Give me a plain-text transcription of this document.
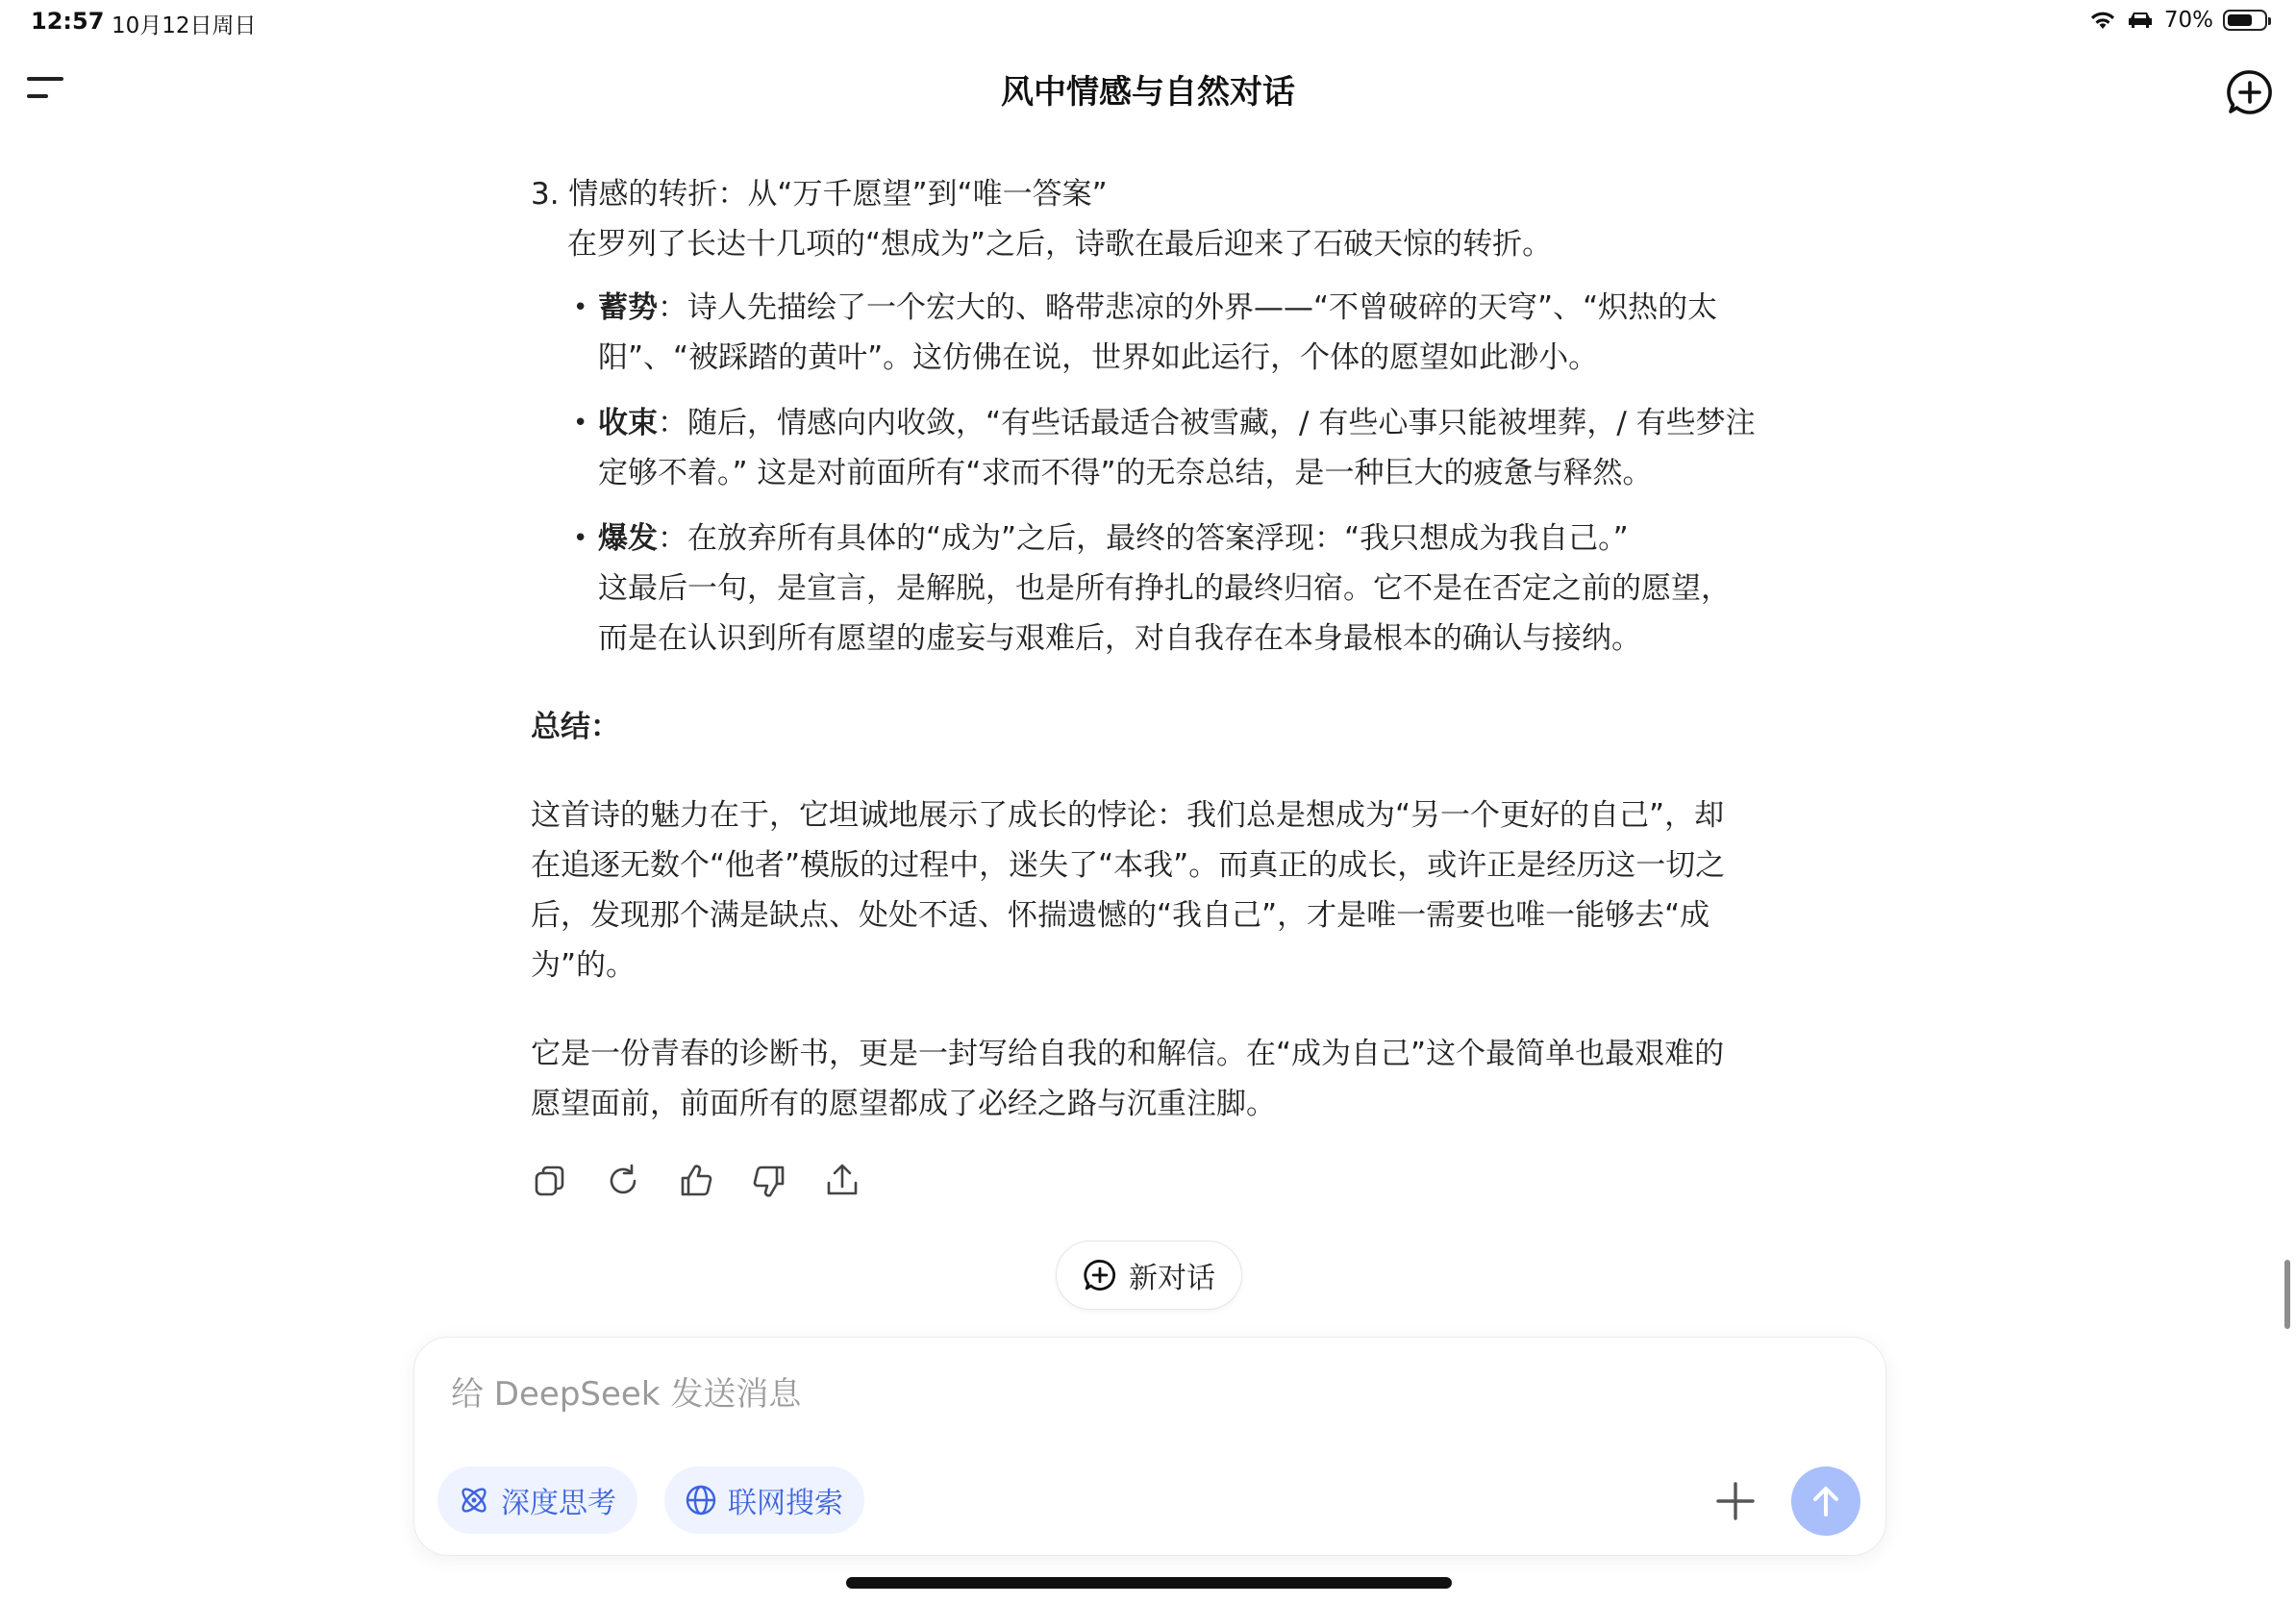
12:57 10月12日周日	70%
风中情感与自然对话
3. 情感的转折：从“万千愿望”到“唯一答案”
在罗列了长达十几项的“想成为”之后，诗歌在最后迎来了石破天惊的转折。
• 蓄势：诗人先描绘了一个宏大的、略带悲凉的外界——“不曾破碎的天穹”、“炽热的太
阳”、“被踩踏的黄叶”。这仿佛在说，世界如此运行，个体的愿望如此渺小。
• 收束：随后，情感向内收敛，“有些话最适合被雪藏，/ 有些心事只能被埋葬，/ 有些梦注
定够不着。” 这是对前面所有“求而不得”的无奈总结，是一种巨大的疲惫与释然。
• 爆发：在放弃所有具体的“成为”之后，最终的答案浮现：“我只想成为我自己。”
这最后一句，是宣言，是解脱，也是所有挣扎的最终归宿。它不是在否定之前的愿望，
而是在认识到所有愿望的虚妄与艰难后，对自我存在本身最根本的确认与接纳。
总结：
这首诗的魅力在于，它坦诚地展示了成长的悖论：我们总是想成为“另一个更好的自己”，却
在追逐无数个“他者”模版的过程中，迷失了“本我”。而真正的成长，或许正是经历这一切之
后，发现那个满是缺点、处处不适、怀揣遗憾的“我自己”，才是唯一需要也唯一能够去“成
为”的。
它是一份青春的诊断书，更是一封写给自我的和解信。在“成为自己”这个最简单也最艰难的
愿望面前，前面所有的愿望都成了必经之路与沉重注脚。
新对话
给 DeepSeek 发送消息
深度思考	联网搜索
